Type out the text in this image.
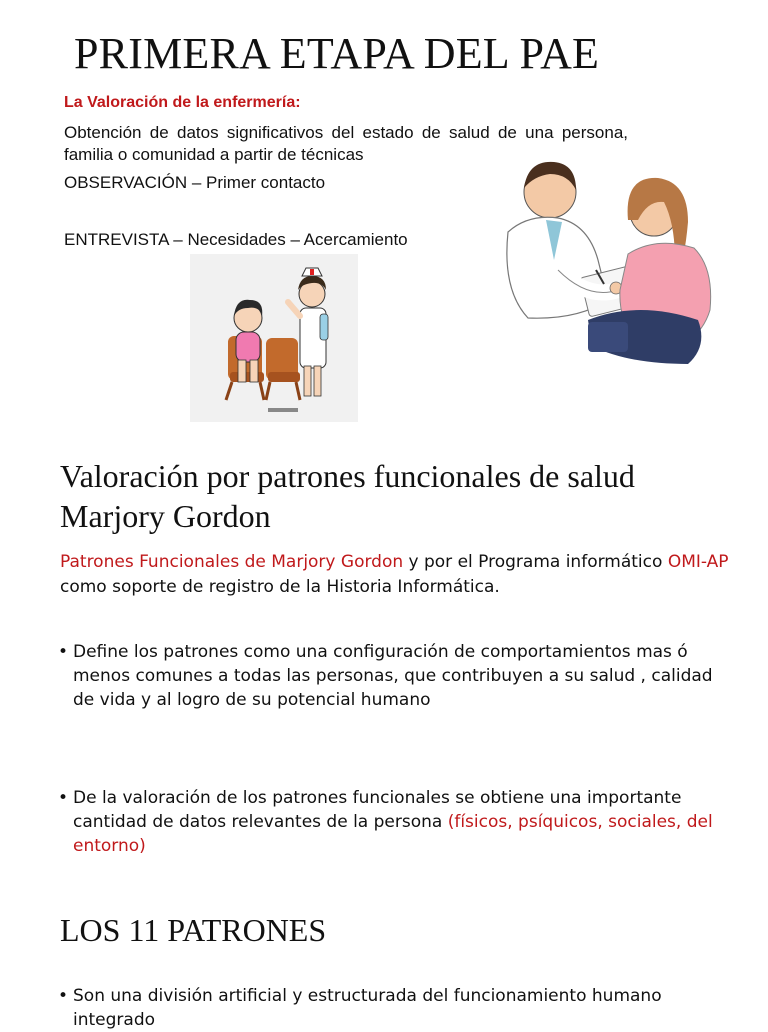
PRIMERA ETAPA DEL PAE
La Valoración de la enfermería:
Obtención de datos significativos del estado de salud de una persona, familia o comunidad a partir de técnicas
OBSERVACIÓN – Primer contacto
ENTREVISTA – Necesidades – Acercamiento
Valoración por patrones funcionales de salud Marjory Gordon
Patrones Funcionales de Marjory Gordon y por el Programa informático OMI-AP como soporte de registro de la Historia Informática.
• Define los patrones como una configuración de comportamientos mas ó menos comunes a todas las personas, que contribuyen a su salud , calidad de vida y al logro de su potencial humano
• De la valoración de los patrones funcionales se obtiene una importante cantidad de datos relevantes de la persona (físicos, psíquicos, sociales, del entorno)
LOS 11 PATRONES
• Son una división artificial y estructurada del funcionamiento humano integrado
